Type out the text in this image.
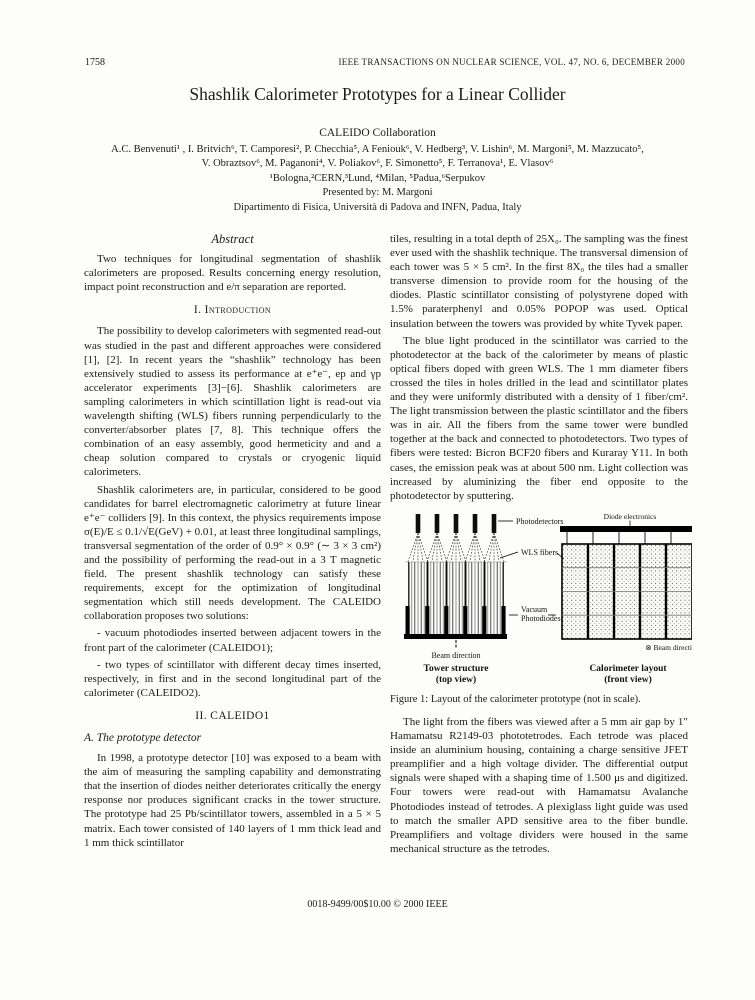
1758	IEEE TRANSACTIONS ON NUCLEAR SCIENCE, VOL. 47, NO. 6, DECEMBER 2000
Shashlik Calorimeter Prototypes for a Linear Collider
CALEIDO Collaboration
A.C. Benvenuti¹ , I. Britvich⁶, T. Camporesi², P. Checchia⁵, A Feniouk⁶, V. Hedberg³, V. Lishin⁶, M. Margoni⁵, M. Mazzucato⁵,
V. Obraztsov⁶, M. Paganoni⁴, V. Poliakov⁶, F. Simonetto⁵, F. Terranova¹, E. Vlasov⁶
¹Bologna,²CERN,³Lund, ⁴Milan, ⁵Padua,⁶Serpukov
Presented by: M. Margoni
Dipartimento di Fisica, Università di Padova and INFN, Padua, Italy
Abstract

Two techniques for longitudinal segmentation of shashlik calorimeters are proposed. Results concerning energy resolution, impact point reconstruction and e/π separation are reported.

I. Introduction

The possibility to develop calorimeters with segmented read-out was studied in the past and different approaches were considered [1], [2]. In recent years the “shashlik” technology has been extensively studied to assess its performance at e⁺e⁻, ep and γp accelerator experiments [3]−[6]. Shashlik calorimeters are sampling calorimeters in which scintillation light is read-out via wavelength shifting (WLS) fibers running perpendicularly to the converter/absorber plates [7, 8]. This technique offers the combination of an easy assembly, good hermeticity and and a cheap solution compared to crystals or cryogenic liquid calorimeters.

Shashlik calorimeters are, in particular, considered to be good candidates for barrel electromagnetic calorimetry at future linear e⁺e⁻ colliders [9]. In this context, the physics requirements impose σ(E)/E ≤ 0.1/√E(GeV) + 0.01, at least three longitudinal samplings, transversal segmentation of the order of 0.9° × 0.9° (∼ 3 × 3 cm²) and the possibility of performing the read-out in a 3 T magnetic field. The present shashlik technology can satisfy these requirements, except for the optimization of longitudinal segmentation which still needs development. The CALEIDO collaboration proposes two solutions:

- vacuum photodiodes inserted between adjacent towers in the front part of the calorimeter (CALEIDO1);

- two types of scintillator with different decay times inserted, respectively, in first and in the second longitudinal part of the calorimeter (CALEIDO2).

II. CALEIDO1
A. The prototype detector

In 1998, a prototype detector [10] was exposed to a beam with the aim of measuring the sampling capability and demonstrating that the insertion of diodes neither deteriorates critically the energy response nor produces significant cracks in the tower structure. The prototype had 25 Pb/scintillator towers, assembled in a 5 × 5 matrix. Each tower consisted of 140 layers of 1 mm thick lead and 1 mm thick scintillator

tiles, resulting in a total depth of 25X₀. The sampling was the finest ever used with the shashlik technique. The transversal dimension of each tower was 5 × 5 cm². In the first 8X₀ the tiles had a smaller transverse dimension to provide room for the housing of the diodes. Plastic scintillator consisting of polystyrene doped with 1.5% paraterphenyl and 0.05% POPOP was used. Optical insulation between the towers was provided by white Tyvek paper.

The blue light produced in the scintillator was carried to the photodetector at the back of the calorimeter by means of plastic optical fibers doped with green WLS. The 1 mm diameter fibers crossed the tiles in holes drilled in the lead and scintillator plates and they were uniformly distributed with a density of 1 fiber/cm². The light transmission between the plastic scintillator and the fibers was in air. All the fibers from the same tower were bundled together at the back and connected to photodetectors. Two types of fibers were tested: Bicron BCF20 fibers and Kuraray Y11. In both cases, the emission peak was at about 500 nm. Light collection was increased by aluminizing the fiber end opposite to the photodetector by sputtering.

Beam direction
Tower structure
(top view)
Photodetectors
WLS fibers
Vacuum
Photodiodes
Diode electronics
⊗ Beam directi
Calorimeter layout
(front view)

Figure 1: Layout of the calorimeter prototype (not in scale).

The light from the fibers was viewed after a 5 mm air gap by 1″ Hamamatsu R2149-03 phototetrodes. Each tetrode was placed inside an aluminium housing, containing a charge sensitive JFET preamplifier and a high voltage divider. The differential output signals were shaped with a shaping time of 1.500 μs and digitized. Four towers were read-out with Hamamatsu Avalanche Photodiodes instead of tetrodes. A plexiglass light guide was used to match the smaller APD sensitive area to the fiber bundle. Preamplifiers and voltage dividers were housed in the same mechanical structure as the tetrodes.

0018-9499/00$10.00 © 2000 IEEE
